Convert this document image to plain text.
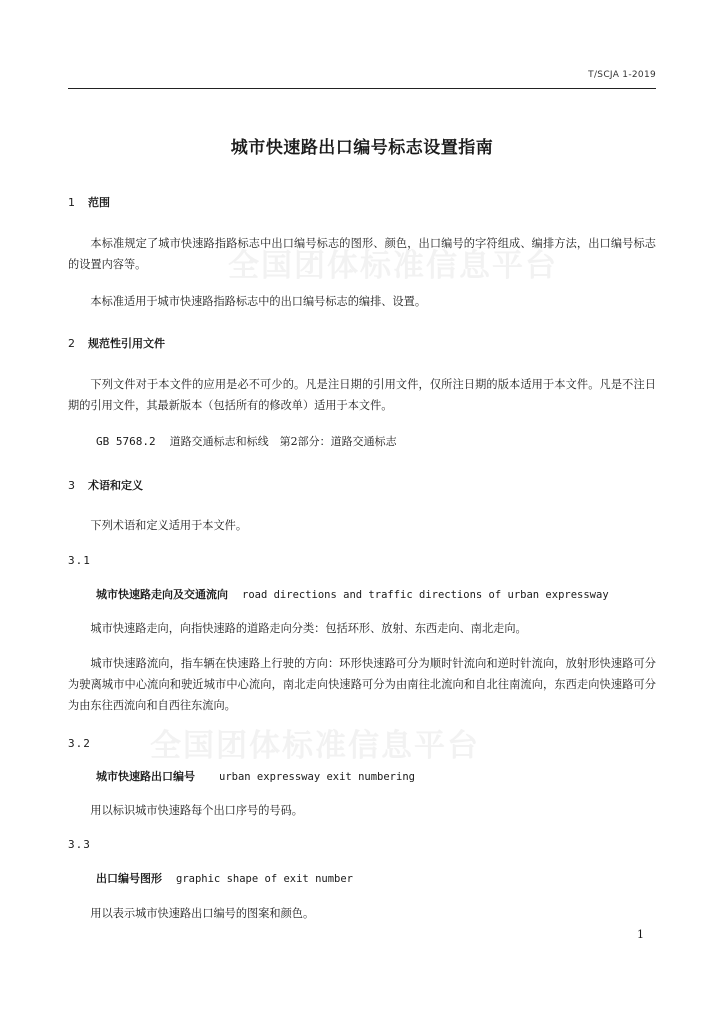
T/SCJA 1-2019
城市快速路出口编号标志设置指南
全国团体标准信息平台
全国团体标准信息平台
1 范围
本标准规定了城市快速路指路标志中出口编号标志的图形、颜色，出口编号的字符组成、编排方法，出口编号标志的设置内容等。
本标准适用于城市快速路指路标志中的出口编号标志的编排、设置。
2 规范性引用文件
下列文件对于本文件的应用是必不可少的。凡是注日期的引用文件，仅所注日期的版本适用于本文件。凡是不注日期的引用文件，其最新版本（包括所有的修改单）适用于本文件。
GB 5768.2 道路交通标志和标线　第2部分：道路交通标志
3 术语和定义
下列术语和定义适用于本文件。
3.1
城市快速路走向及交通流向 road directions and traffic directions of urban expressway
城市快速路走向，向指快速路的道路走向分类：包括环形、放射、东西走向、南北走向。
城市快速路流向，指车辆在快速路上行驶的方向：环形快速路可分为顺时针流向和逆时针流向，放射形快速路可分为驶离城市中心流向和驶近城市中心流向，南北走向快速路可分为由南往北流向和自北往南流向，东西走向快速路可分为由东往西流向和自西往东流向。
3.2
城市快速路出口编号 urban expressway exit numbering
用以标识城市快速路每个出口序号的号码。
3.3
出口编号图形 graphic shape of exit number
用以表示城市快速路出口编号的图案和颜色。
1
